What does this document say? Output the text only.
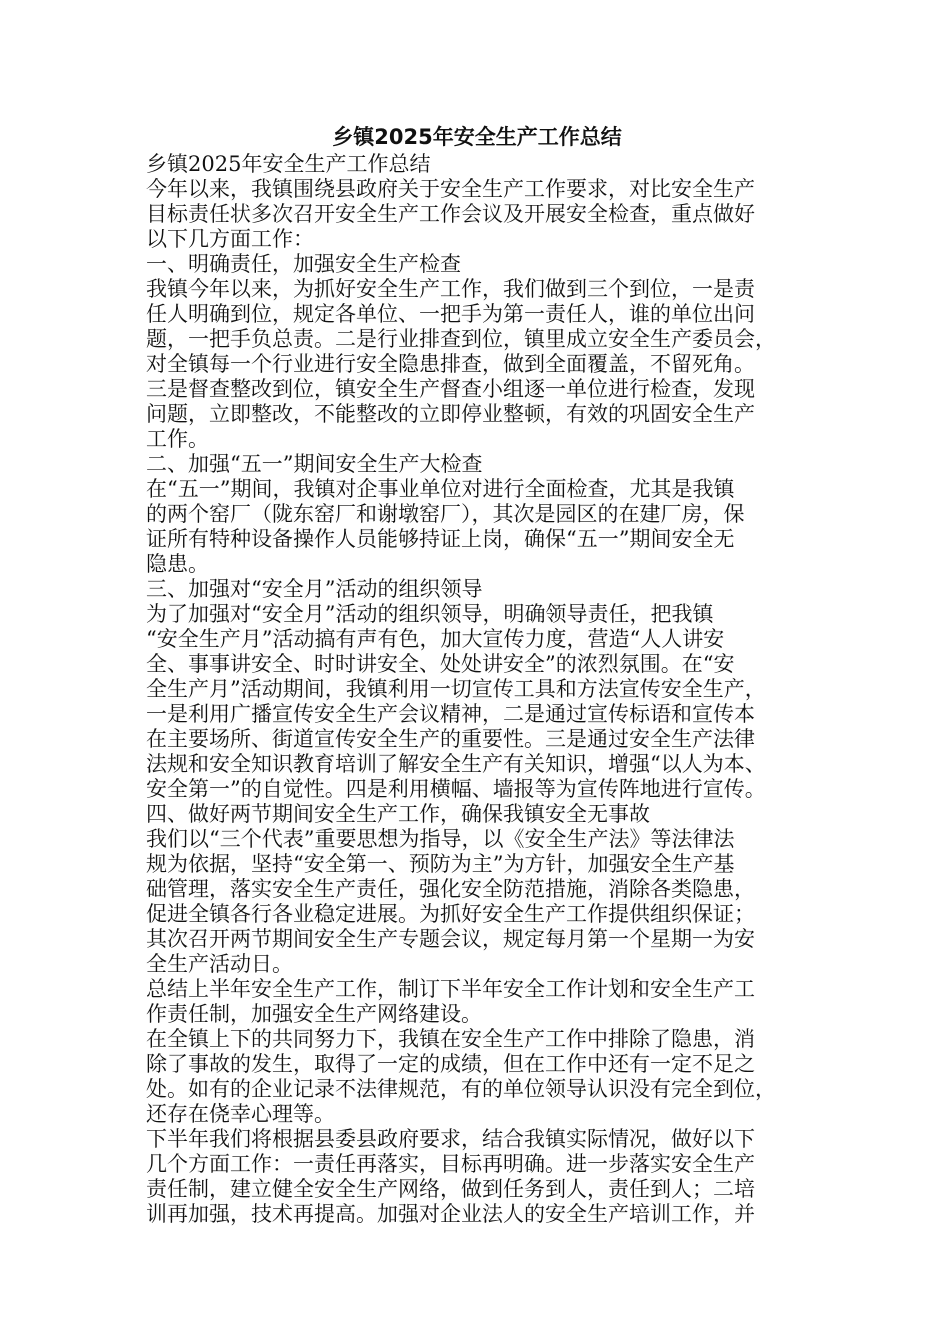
乡镇2025年安全生产工作总结
乡镇2025年安全生产工作总结
今年以来，我镇围绕县政府关于安全生产工作要求，对比安全生产
目标责任状多次召开安全生产工作会议及开展安全检查，重点做好
以下几方面工作：
一、明确责任，加强安全生产检查
我镇今年以来，为抓好安全生产工作，我们做到三个到位，一是责
任人明确到位，规定各单位、一把手为第一责任人，谁的单位出问
题，一把手负总责。二是行业排查到位，镇里成立安全生产委员会，
对全镇每一个行业进行安全隐患排查，做到全面覆盖，不留死角。
三是督查整改到位，镇安全生产督查小组逐一单位进行检查，发现
问题，立即整改，不能整改的立即停业整顿，有效的巩固安全生产
工作。
二、加强“五一”期间安全生产大检查
在“五一”期间，我镇对企事业单位对进行全面检查，尤其是我镇
的两个窑厂（陇东窑厂和谢墩窑厂），其次是园区的在建厂房，保
证所有特种设备操作人员能够持证上岗，确保“五一”期间安全无
隐患。
三、加强对“安全月”活动的组织领导
为了加强对“安全月”活动的组织领导，明确领导责任，把我镇
“安全生产月”活动搞有声有色，加大宣传力度，营造“人人讲安
全、事事讲安全、时时讲安全、处处讲安全”的浓烈氛围。在“安
全生产月”活动期间，我镇利用一切宣传工具和方法宣传安全生产，
一是利用广播宣传安全生产会议精神，二是通过宣传标语和宣传本
在主要场所、街道宣传安全生产的重要性。三是通过安全生产法律
法规和安全知识教育培训了解安全生产有关知识，增强“以人为本、
安全第一”的自觉性。四是利用横幅、墙报等为宣传阵地进行宣传。
四、做好两节期间安全生产工作，确保我镇安全无事故
我们以“三个代表”重要思想为指导，以《安全生产法》等法律法
规为依据，坚持“安全第一、预防为主”为方针，加强安全生产基
础管理，落实安全生产责任，强化安全防范措施，消除各类隐患，
促进全镇各行各业稳定进展。为抓好安全生产工作提供组织保证；
其次召开两节期间安全生产专题会议，规定每月第一个星期一为安
全生产活动日。
总结上半年安全生产工作，制订下半年安全工作计划和安全生产工
作责任制，加强安全生产网络建设。
在全镇上下的共同努力下，我镇在安全生产工作中排除了隐患，消
除了事故的发生，取得了一定的成绩，但在工作中还有一定不足之
处。如有的企业记录不法律规范，有的单位领导认识没有完全到位，
还存在侥幸心理等。
下半年我们将根据县委县政府要求，结合我镇实际情况，做好以下
几个方面工作：一责任再落实，目标再明确。进一步落实安全生产
责任制，建立健全安全生产网络，做到任务到人，责任到人；二培
训再加强，技术再提高。加强对企业法人的安全生产培训工作，并
